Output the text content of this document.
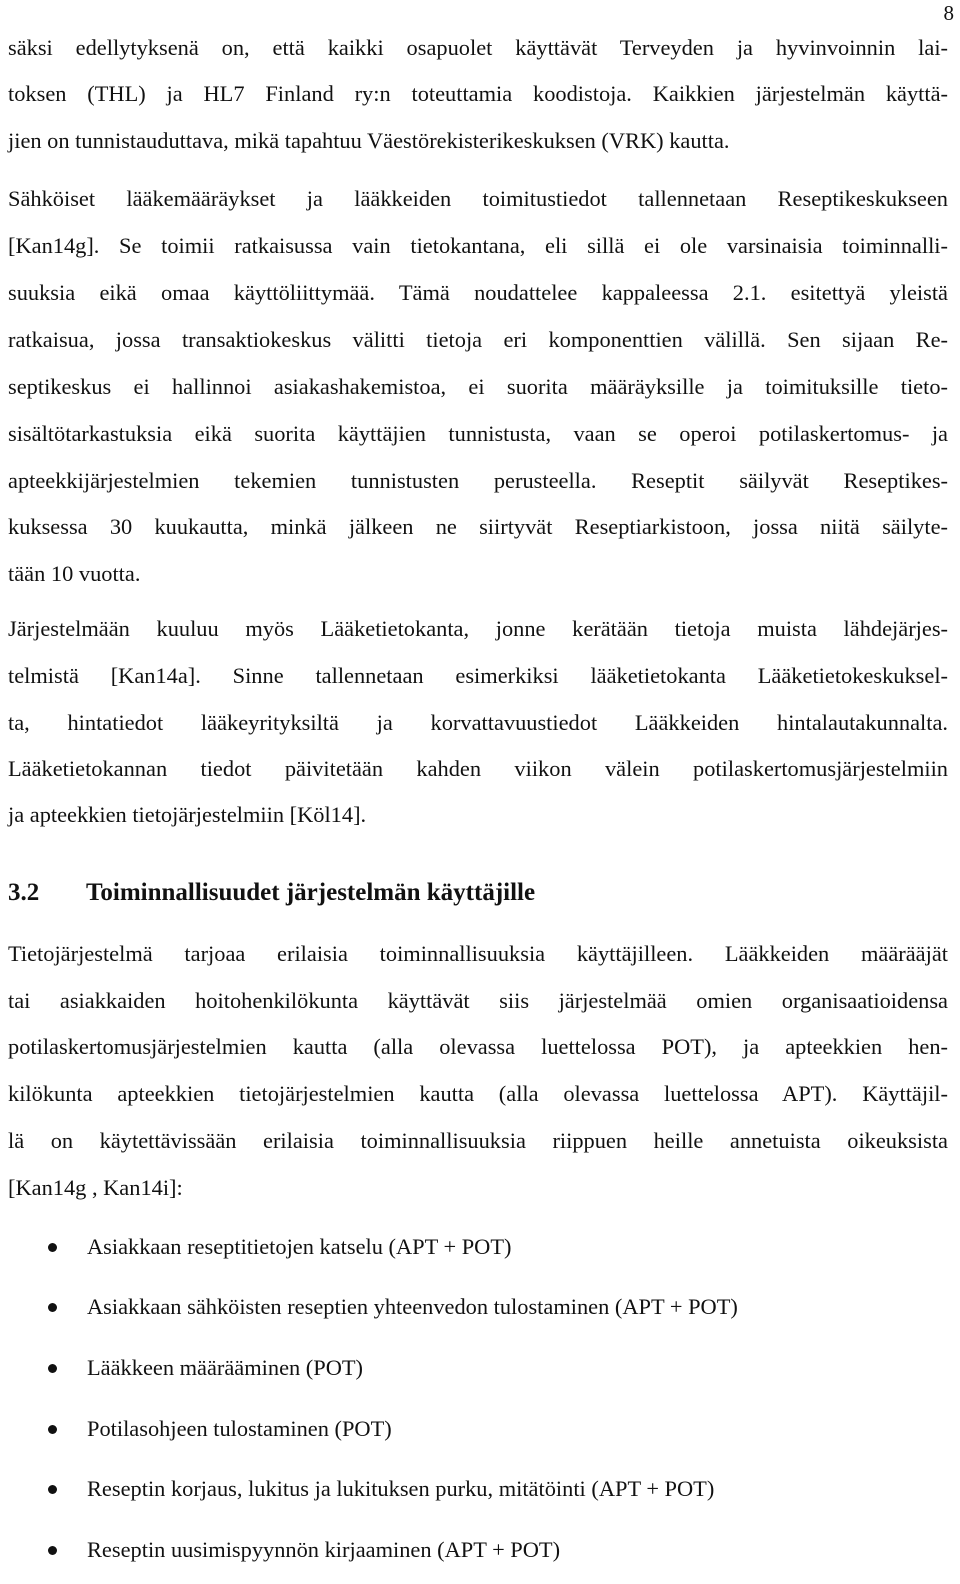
8
säksi edellytyksenä on, että kaikki osapuolet käyttävät Terveyden ja hyvinvoinnin lai-
toksen (THL) ja HL7 Finland ry:n toteuttamia koodistoja. Kaikkien järjestelmän käyttä-
jien on tunnistauduttava, mikä tapahtuu Väestörekisterikeskuksen (VRK) kautta.
Sähköiset lääkemääräykset ja lääkkeiden toimitustiedot tallennetaan Reseptikeskukseen
[Kan14g]. Se toimii ratkaisussa vain tietokantana, eli sillä ei ole varsinaisia toiminnalli-
suuksia eikä omaa käyttöliittymää. Tämä noudattelee kappaleessa 2.1. esitettyä yleistä
ratkaisua, jossa transaktiokeskus välitti tietoja eri komponenttien välillä. Sen sijaan Re-
septikeskus ei hallinnoi asiakashakemistoa, ei suorita määräyksille ja toimituksille tieto-
sisältötarkastuksia eikä suorita käyttäjien tunnistusta, vaan se operoi potilaskertomus- ja
apteekkijärjestelmien tekemien tunnistusten perusteella. Reseptit säilyvät Reseptikes-
kuksessa 30 kuukautta, minkä jälkeen ne siirtyvät Reseptiarkistoon, jossa niitä säilyte-
tään 10 vuotta.
Järjestelmään kuuluu myös Lääketietokanta, jonne kerätään tietoja muista lähdejärjes-
telmistä [Kan14a]. Sinne tallennetaan esimerkiksi lääketietokanta Lääketietokeskuksel-
ta, hintatiedot lääkeyrityksiltä ja korvattavuustiedot Lääkkeiden hintalautakunnalta.
Lääketietokannan tiedot päivitetään kahden viikon välein potilaskertomusjärjestelmiin
ja apteekkien tietojärjestelmiin [Köl14].
3.2 Toiminnallisuudet järjestelmän käyttäjille
Tietojärjestelmä tarjoaa erilaisia toiminnallisuuksia käyttäjilleen. Lääkkeiden määrääjät
tai asiakkaiden hoitohenkilökunta käyttävät siis järjestelmää omien organisaatioidensa
potilaskertomusjärjestelmien kautta (alla olevassa luettelossa POT), ja apteekkien hen-
kilökunta apteekkien tietojärjestelmien kautta (alla olevassa luettelossa APT). Käyttäjil-
lä on käytettävissään erilaisia toiminnallisuuksia riippuen heille annetuista oikeuksista
[Kan14g , Kan14i]:
Asiakkaan reseptitietojen katselu (APT + POT)
Asiakkaan sähköisten reseptien yhteenvedon tulostaminen (APT + POT)
Lääkkeen määrääminen (POT)
Potilasohjeen tulostaminen (POT)
Reseptin korjaus, lukitus ja lukituksen purku, mitätöinti (APT + POT)
Reseptin uusimispyynnön kirjaaminen (APT + POT)
